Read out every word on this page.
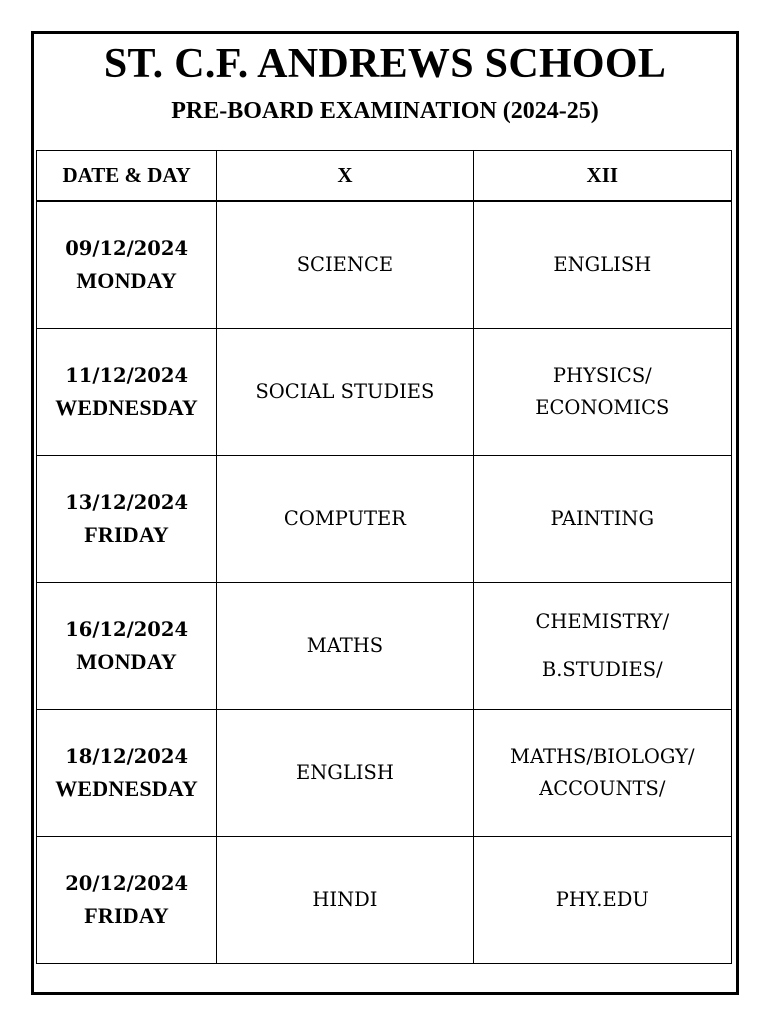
ST. C.F. ANDREWS SCHOOL
PRE-BOARD EXAMINATION (2024-25)
DATE & DAY	X	XII

09/12/2024
MONDAY	SCIENCE	ENGLISH

11/12/2024
WEDNESDAY	SOCIAL STUDIES	PHYSICS/
ECONOMICS

13/12/2024
FRIDAY	COMPUTER	PAINTING

16/12/2024
MONDAY	MATHS	CHEMISTRY/
B.STUDIES/

18/12/2024
WEDNESDAY	ENGLISH	MATHS/BIOLOGY/
ACCOUNTS/

20/12/2024
FRIDAY	HINDI	PHY.EDU
